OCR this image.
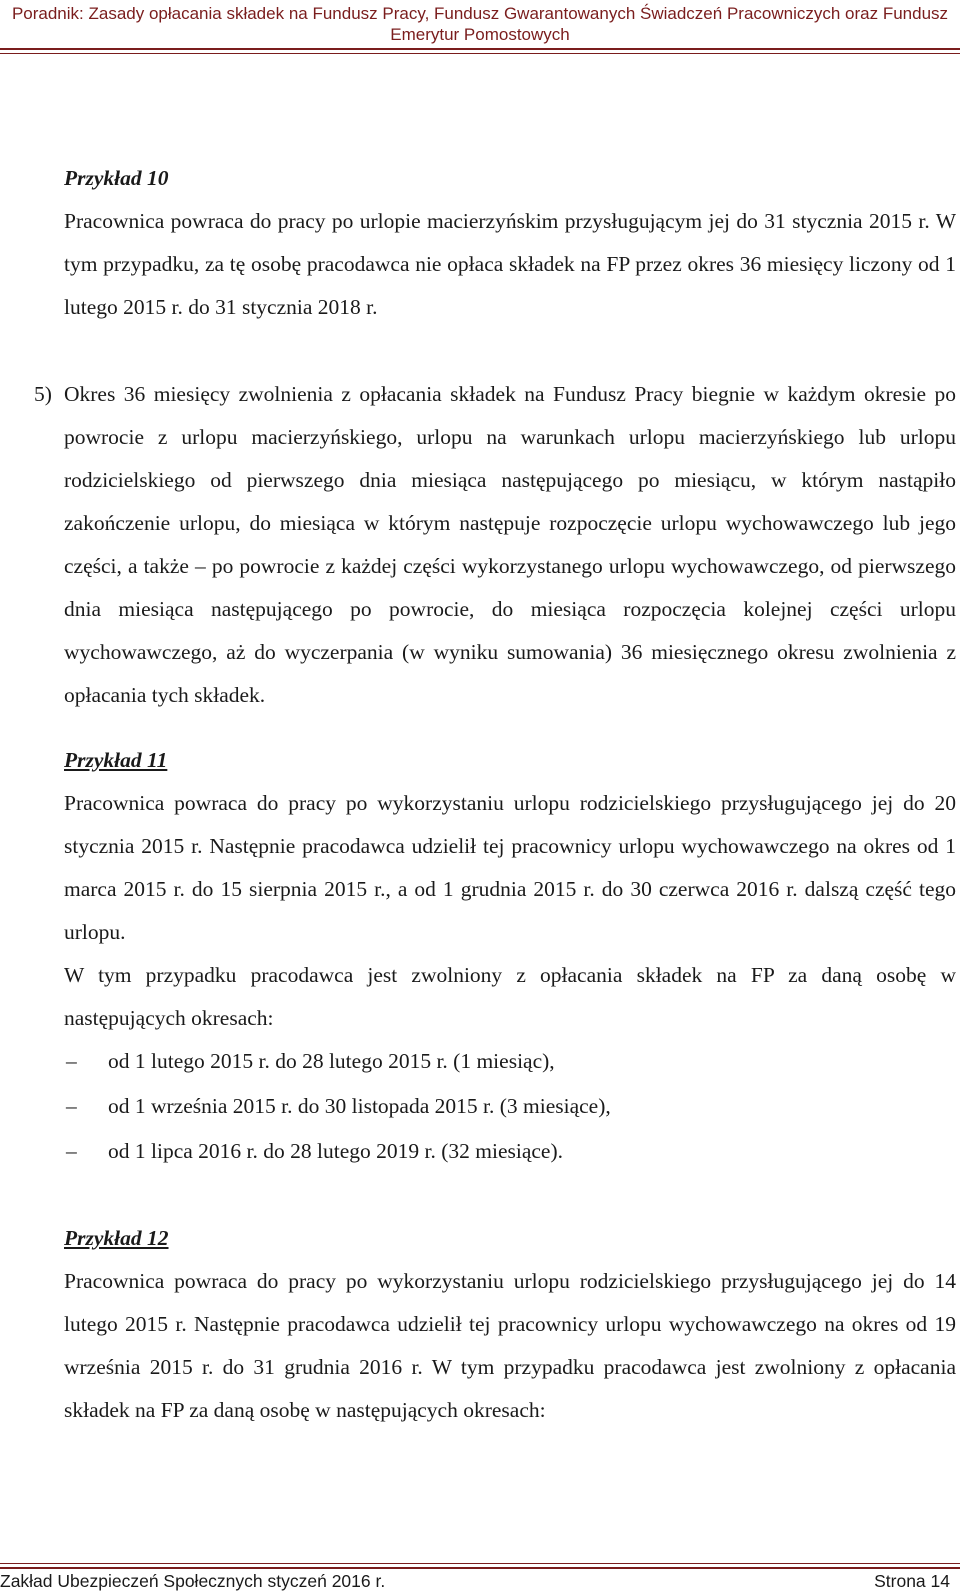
Poradnik: Zasady opłacania składek na Fundusz Pracy, Fundusz Gwarantowanych Świadczeń Pracowniczych oraz Fundusz
Emerytur Pomostowych

Przykład 10

Pracownica powraca do pracy po urlopie macierzyńskim przysługującym jej do 31 stycznia 2015 r. W tym przypadku, za tę osobę pracodawca nie opłaca składek na FP przez okres 36 miesięcy liczony od 1 lutego 2015 r. do 31 stycznia 2018 r.

5) Okres 36 miesięcy zwolnienia z opłacania składek na Fundusz Pracy biegnie w każdym okresie po powrocie z urlopu macierzyńskiego, urlopu na warunkach urlopu macierzyńskiego lub urlopu rodzicielskiego od pierwszego dnia miesiąca następującego po miesiącu, w którym nastąpiło zakończenie urlopu, do miesiąca w którym następuje rozpoczęcie urlopu wychowawczego lub jego części, a także – po powrocie z każdej części wykorzystanego urlopu wychowawczego, od pierwszego dnia miesiąca następującego po powrocie, do miesiąca rozpoczęcia kolejnej części urlopu wychowawczego, aż do wyczerpania (w wyniku sumowania) 36 miesięcznego okresu zwolnienia z opłacania tych składek.

Przykład 11

Pracownica powraca do pracy po wykorzystaniu urlopu rodzicielskiego przysługującego jej do 20 stycznia 2015 r. Następnie pracodawca udzielił tej pracownicy urlopu wychowawczego na okres od 1 marca 2015 r. do 15 sierpnia 2015 r., a od 1 grudnia 2015 r. do 30 czerwca 2016 r. dalszą część tego urlopu.

W tym przypadku pracodawca jest zwolniony z opłacania składek na FP za daną osobę w następujących okresach:

– od 1 lutego 2015 r. do 28 lutego 2015 r. (1 miesiąc),
– od 1 września 2015 r. do 30 listopada 2015 r. (3 miesiące),
– od 1 lipca 2016 r. do 28 lutego 2019 r. (32 miesiące).

Przykład 12

Pracownica powraca do pracy po wykorzystaniu urlopu rodzicielskiego przysługującego jej do 14 lutego 2015 r. Następnie pracodawca udzielił tej pracownicy urlopu wychowawczego na okres od 19 września 2015 r. do 31 grudnia 2016 r. W tym przypadku pracodawca jest zwolniony z opłacania składek na FP za daną osobę w następujących okresach:

Zakład Ubezpieczeń Społecznych styczeń 2016 r.	Strona 14
